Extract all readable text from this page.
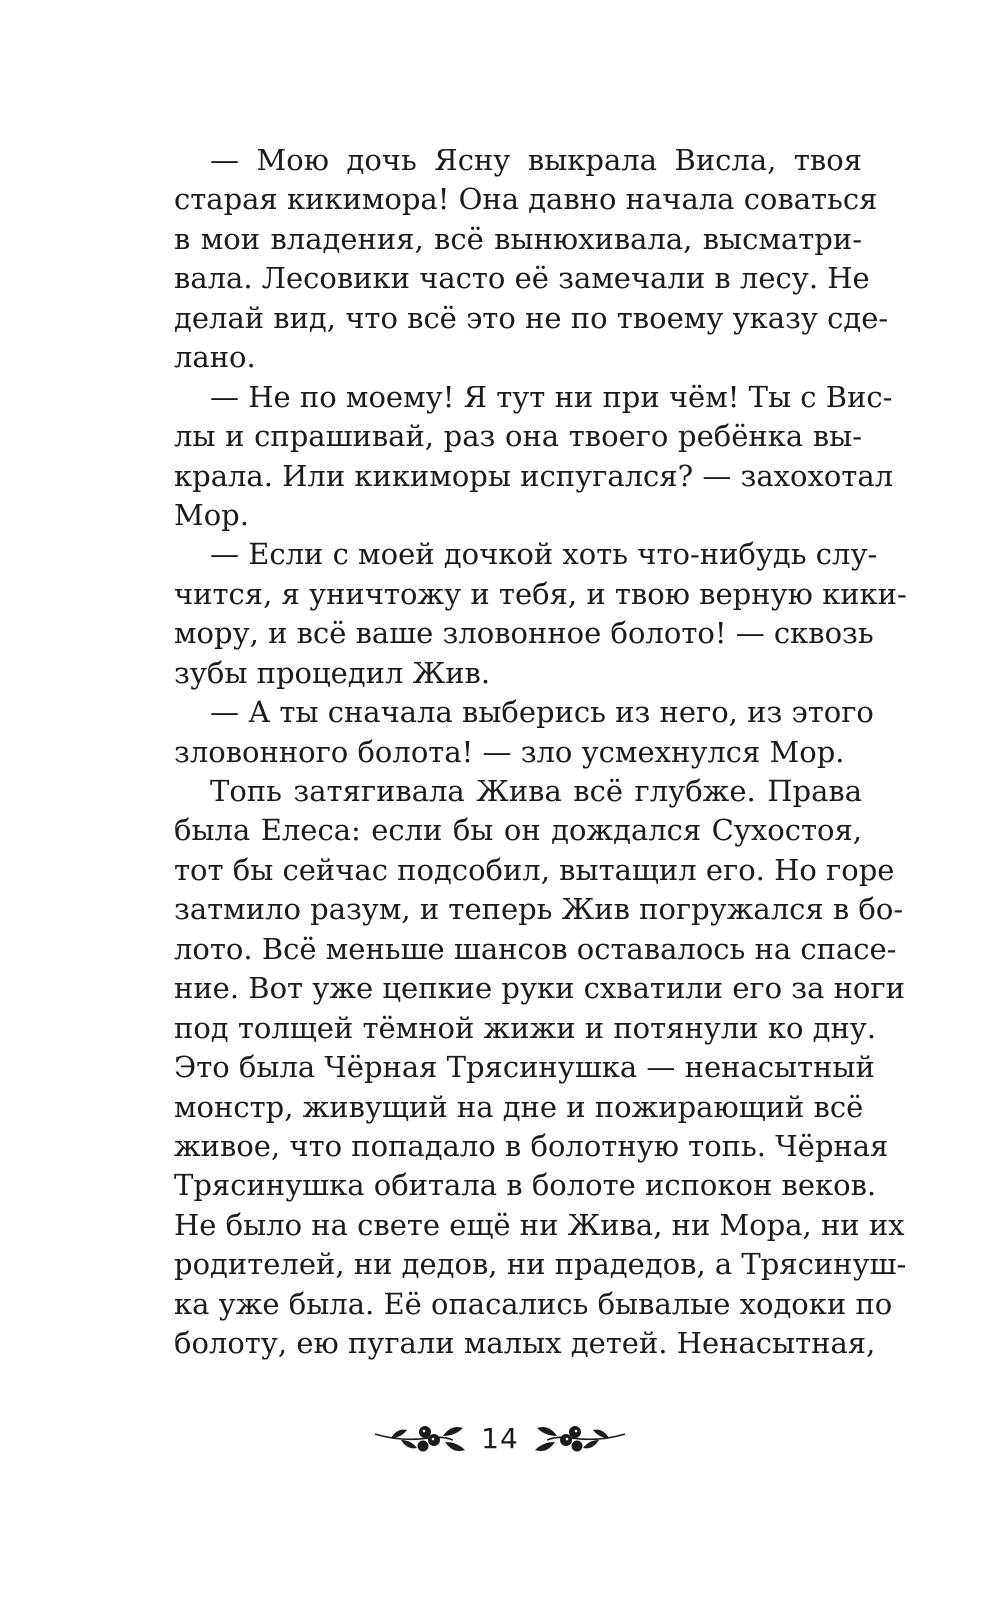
— Мою дочь Ясну выкрала Висла, твоя
старая кикимора! Она давно начала соваться
в мои владения, всё вынюхивала, высматри-
вала. Лесовики часто её замечали в лесу. Не
делай вид, что всё это не по твоему указу сде-
лано.
— Не по моему! Я тут ни при чём! Ты с Вис-
лы и спрашивай, раз она твоего ребёнка вы-
крала. Или кикиморы испугался? — захохотал
Мор.
— Если с моей дочкой хоть что-нибудь слу-
чится, я уничтожу и тебя, и твою верную кики-
мору, и всё ваше зловонное болото! — сквозь
зубы процедил Жив.
— А ты сначала выберись из него, из этого
зловонного болота! — зло усмехнулся Мор.
Топь затягивала Жива всё глубже. Права
была Елеса: если бы он дождался Сухостоя,
тот бы сейчас подсобил, вытащил его. Но горе
затмило разум, и теперь Жив погружался в бо-
лото. Всё меньше шансов оставалось на спасе-
ние. Вот уже цепкие руки схватили его за ноги
под толщей тёмной жижи и потянули ко дну.
Это была Чёрная Трясинушка — ненасытный
монстр, живущий на дне и пожирающий всё
живое, что попадало в болотную топь. Чёрная
Трясинушка обитала в болоте испокон веков.
Не было на свете ещё ни Жива, ни Мора, ни их
родителей, ни дедов, ни прадедов, а Трясинуш-
ка уже была. Её опасались бывалые ходоки по
болоту, ею пугали малых детей. Ненасытная,
14
